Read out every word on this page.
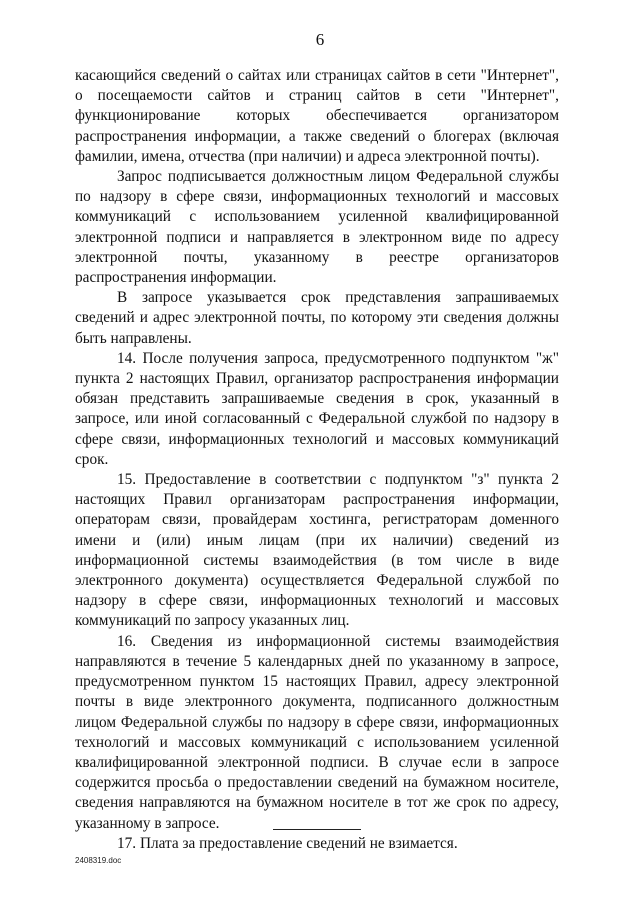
6

касающийся сведений о сайтах или страницах сайтов в сети "Интернет", о посещаемости сайтов и страниц сайтов в сети "Интернет", функционирование которых обеспечивается организатором распространения информации, а также сведений о блогерах (включая фамилии, имена, отчества (при наличии) и адреса электронной почты).

Запрос подписывается должностным лицом Федеральной службы по надзору в сфере связи, информационных технологий и массовых коммуникаций с использованием усиленной квалифицированной электронной подписи и направляется в электронном виде по адресу электронной почты, указанному в реестре организаторов распространения информации.

В запросе указывается срок представления запрашиваемых сведений и адрес электронной почты, по которому эти сведения должны быть направлены.

14. После получения запроса, предусмотренного подпунктом "ж" пункта 2 настоящих Правил, организатор распространения информации обязан представить запрашиваемые сведения в срок, указанный в запросе, или иной согласованный с Федеральной службой по надзору в сфере связи, информационных технологий и массовых коммуникаций срок.

15. Предоставление в соответствии с подпунктом "з" пункта 2 настоящих Правил организаторам распространения информации, операторам связи, провайдерам хостинга, регистраторам доменного имени и (или) иным лицам (при их наличии) сведений из информационной системы взаимодействия (в том числе в виде электронного документа) осуществляется Федеральной службой по надзору в сфере связи, информационных технологий и массовых коммуникаций по запросу указанных лиц.

16. Сведения из информационной системы взаимодействия направляются в течение 5 календарных дней по указанному в запросе, предусмотренном пунктом 15 настоящих Правил, адресу электронной почты в виде электронного документа, подписанного должностным лицом Федеральной службы по надзору в сфере связи, информационных технологий и массовых коммуникаций с использованием усиленной квалифицированной электронной подписи. В случае если в запросе содержится просьба о предоставлении сведений на бумажном носителе, сведения направляются на бумажном носителе в тот же срок по адресу, указанному в запросе.

17. Плата за предоставление сведений не взимается.

2408319.doc
